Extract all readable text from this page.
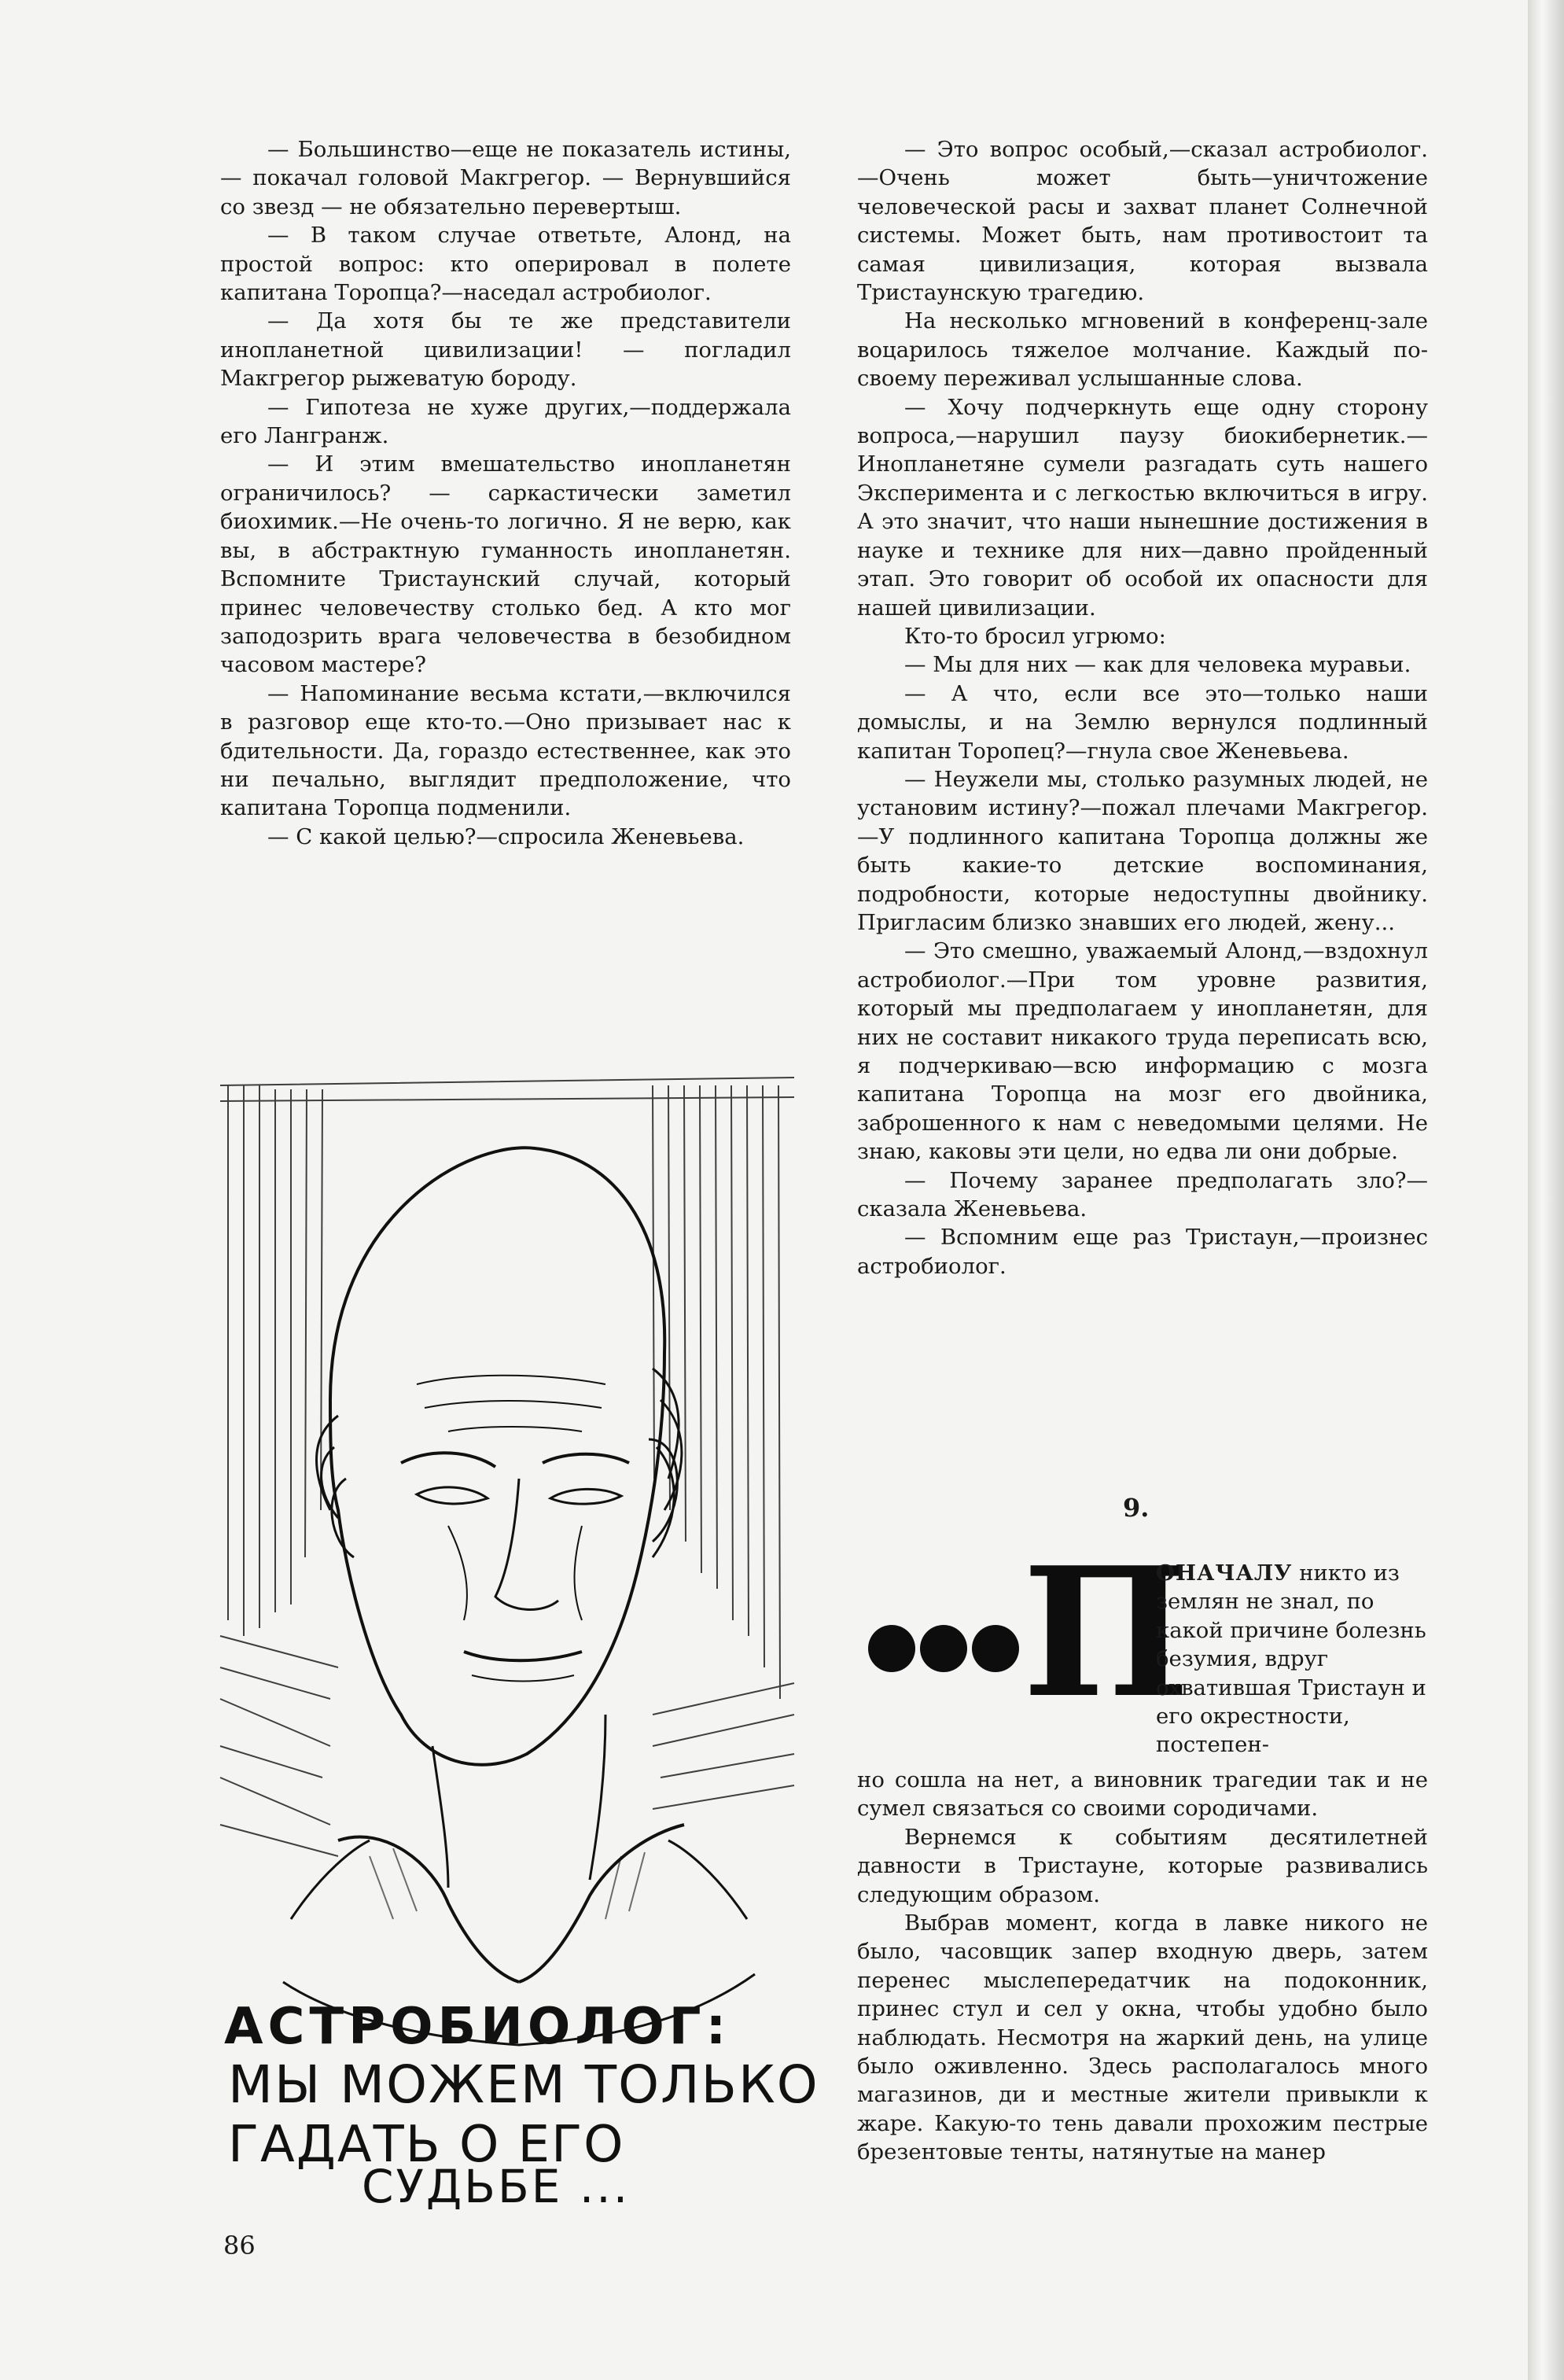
— Большинство—еще не показатель истины, — покачал головой Макгрегор. — Вернувшийся со звезд — не обязательно перевертыш.

— В таком случае ответьте, Алонд, на простой вопрос: кто оперировал в полете капитана Торопца?—наседал астробиолог.

— Да хотя бы те же представители инопланетной цивилизации! — погладил Макгрегор рыжеватую бороду.

— Гипотеза не хуже других,—поддержала его Лангранж.

— И этим вмешательство инопланетян ограничилось? — саркастически заметил биохимик.—Не очень-то логично. Я не верю, как вы, в абстрактную гуманность инопланетян. Вспомните Тристаунский случай, который принес человечеству столько бед. А кто мог заподозрить врага человечества в безобидном часовом мастере?

— Напоминание весьма кстати,—включился в разговор еще кто-то.—Оно призывает нас к бдительности. Да, гораздо естественнее, как это ни печально, выглядит предположение, что капитана Торопца подменили.

— С какой целью?—спросила Женевьева.

— Это вопрос особый,—сказал астробиолог.—Очень может быть—уничтожение человеческой расы и захват планет Солнечной системы. Может быть, нам противостоит та самая цивилизация, которая вызвала Тристаунскую трагедию.

На несколько мгновений в конференц-зале воцарилось тяжелое молчание. Каждый по-своему переживал услышанные слова.

— Хочу подчеркнуть еще одну сторону вопроса,—нарушил паузу биокибернетик.—Инопланетяне сумели разгадать суть нашего Эксперимента и с легкостью включиться в игру. А это значит, что наши нынешние достижения в науке и технике для них—давно пройденный этап. Это говорит об особой их опасности для нашей цивилизации.

Кто-то бросил угрюмо:

— Мы для них — как для человека муравьи.

— А что, если все это—только наши домыслы, и на Землю вернулся подлинный капитан Торопец?—гнула свое Женевьева.

— Неужели мы, столько разумных людей, не установим истину?—пожал плечами Макгрегор.—У подлинного капитана Торопца должны же быть какие-то детские воспоминания, подробности, которые недоступны двойнику. Пригласим близко знавших его людей, жену...

— Это смешно, уважаемый Алонд,—вздохнул астробиолог.—При том уровне развития, который мы предполагаем у инопланетян, для них не составит никакого труда переписать всю, я подчеркиваю—всю информацию с мозга капитана Торопца на мозг его двойника, заброшенного к нам с неведомыми целями. Не знаю, каковы эти цели, но едва ли они добрые.

— Почему заранее предполагать зло?—сказала Женевьева.

— Вспомним еще раз Тристаун,—произнес астробиолог.

АСТРОБИОЛОГ:
МЫ МОЖЕМ ТОЛЬКО
ГАДАТЬ О ЕГО
СУДЬБЕ ...
86
9.
П
ОНАЧАЛУ никто из землян не знал, по какой причине болезнь безумия, вдруг охватившая Тристаун и его окрестности, постепен-

но сошла на нет, а виновник трагедии так и не сумел связаться со своими сородичами.

Вернемся к событиям десятилетней давности в Тристауне, которые развивались следующим образом.

Выбрав момент, когда в лавке никого не было, часовщик запер входную дверь, затем перенес мыслепередатчик на подоконник, принес стул и сел у окна, чтобы удобно было наблюдать. Несмотря на жаркий день, на улице было оживленно. Здесь располагалось много магазинов, ди и местные жители привыкли к жаре. Какую-то тень давали прохожим пестрые брезентовые тенты, натянутые на манер
